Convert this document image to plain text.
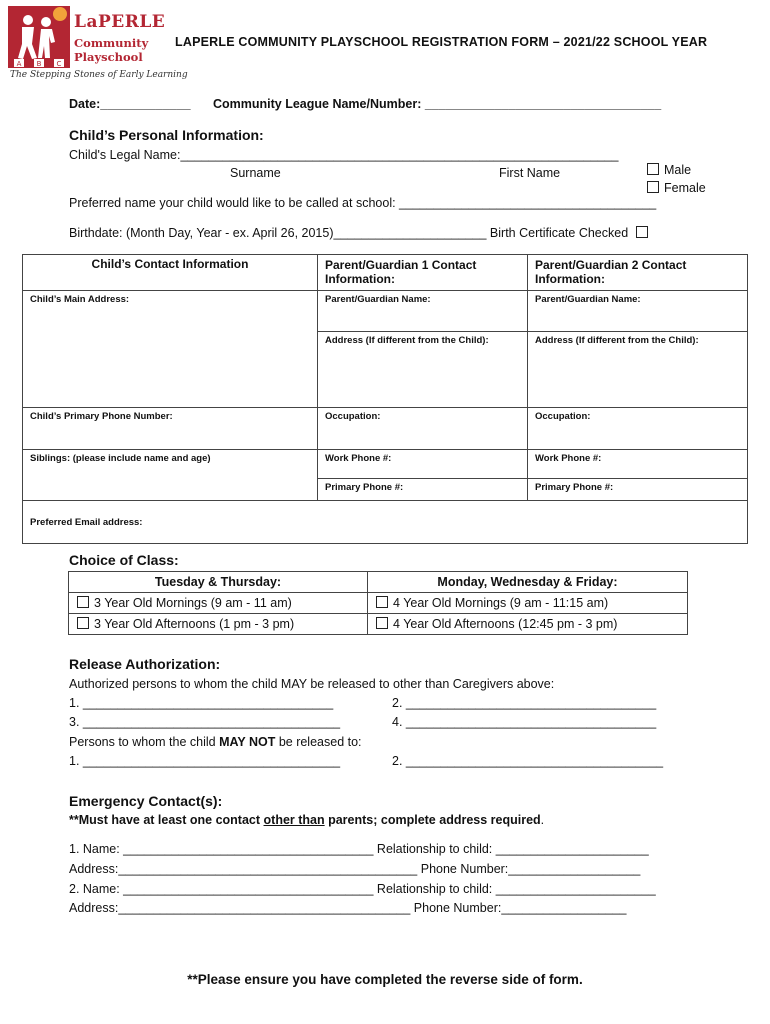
A B C
LaPERLE
Community
Playschool
The Stepping Stones of Early Learning
LAPERLE COMMUNITY PLAYSCHOOL REGISTRATION FORM – 2021/22 SCHOOL YEAR
Date:_____________ Community League Name/Number: __________________________________
Child’s Personal Information:
Child's Legal Name:_______________________________________________________________
Surname	First Name	Male
Female
Preferred name your child would like to be called at school: _____________________________________
Birthdate: (Month Day, Year - ex. April 26, 2015)______________________ Birth Certificate Checked
Child’s Contact Information	Parent/Guardian 1 Contact Information:	Parent/Guardian 2 Contact Information:
Child’s Main Address:	Parent/Guardian Name:	Parent/Guardian Name:
	Address (If different from the Child):	Address (If different from the Child):
Child’s Primary Phone Number:	Occupation:	Occupation:
Siblings: (please include name and age)	Work Phone #:	Work Phone #:
	Primary Phone #:	Primary Phone #:
Preferred Email address:		
Choice of Class:
Tuesday & Thursday:	Monday, Wednesday & Friday:
3 Year Old Mornings (9 am - 11 am)	4 Year Old Mornings (9 am - 11:15 am)
3 Year Old Afternoons (1 pm - 3 pm)	4 Year Old Afternoons (12:45 pm - 3 pm)
Release Authorization:
Authorized persons to whom the child MAY be released to other than Caregivers above:
1. ____________________________________	2. ____________________________________
3. _____________________________________	4. ____________________________________
Persons to whom the child MAY NOT be released to:
1. _____________________________________	2. _____________________________________
Emergency Contact(s):
**Must have at least one contact other than parents; complete address required.
1. Name: ____________________________________ Relationship to child: ______________________
Address:___________________________________________ Phone Number:___________________
2. Name: ____________________________________ Relationship to child: _______________________
Address:__________________________________________ Phone Number:__________________
**Please ensure you have completed the reverse side of form.
